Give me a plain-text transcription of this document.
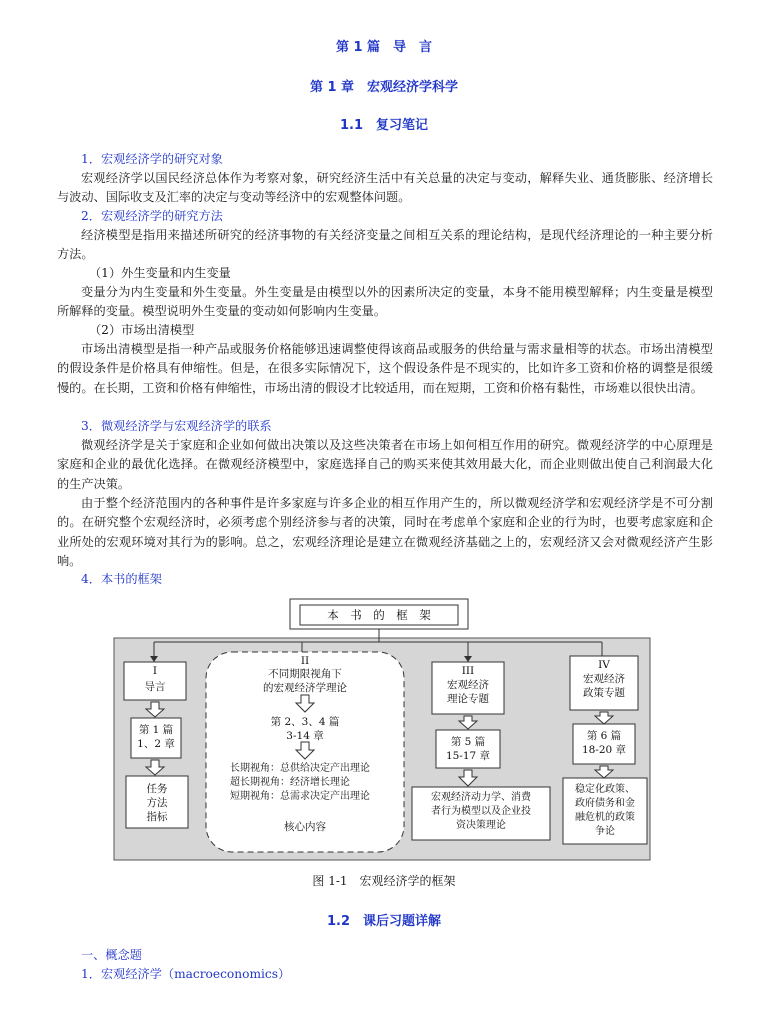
第 1 篇　导　言
第 1 章　宏观经济学科学
1.1　复习笔记

1．宏观经济学的研究对象

宏观经济学以国民经济总体作为考察对象，研究经济生活中有关总量的决定与变动，解释失业、通货膨胀、经济增长与波动、国际收支及汇率的决定与变动等经济中的宏观整体问题。

2．宏观经济学的研究方法

经济模型是指用来描述所研究的经济事物的有关经济变量之间相互关系的理论结构，是现代经济理论的一种主要分析方法。

（1）外生变量和内生变量

变量分为内生变量和外生变量。外生变量是由模型以外的因素所决定的变量，本身不能用模型解释；内生变量是模型所解释的变量。模型说明外生变量的变动如何影响内生变量。

（2）市场出清模型

市场出清模型是指一种产品或服务价格能够迅速调整使得该商品或服务的供给量与需求量相等的状态。市场出清模型的假设条件是价格具有伸缩性。但是，在很多实际情况下，这个假设条件是不现实的，比如许多工资和价格的调整是很缓慢的。在长期，工资和价格有伸缩性，市场出清的假设才比较适用，而在短期，工资和价格有黏性，市场难以很快出清。

3．微观经济学与宏观经济学的联系

微观经济学是关于家庭和企业如何做出决策以及这些决策者在市场上如何相互作用的研究。微观经济学的中心原理是家庭和企业的最优化选择。在微观经济模型中，家庭选择自己的购买来使其效用最大化，而企业则做出使自己利润最大化的生产决策。

由于整个经济范围内的各种事件是许多家庭与许多企业的相互作用产生的，所以微观经济学和宏观经济学是不可分割的。在研究整个宏观经济时，必须考虑个别经济参与者的决策，同时在考虑单个家庭和企业的行为时，也要考虑家庭和企业所处的宏观环境对其行为的影响。总之，宏观经济理论是建立在微观经济基础之上的，宏观经济又会对微观经济产生影响。

4．本书的框架

本　书　的　框　架
I
导言
第 1 篇
1、2 章
任务
方法
指标
II
不同期限视角下
的宏观经济学理论
第 2、3、4 篇
3-14 章
长期视角：总供给决定产出理论
超长期视角：经济增长理论
短期视角：总需求决定产出理论
核心内容
III
宏观经济
理论专题
第 5 篇
15-17 章
宏观经济动力学、消费
者行为模型以及企业投
资决策理论
IV
宏观经济
政策专题
第 6 篇
18-20 章
稳定化政策、
政府债务和金
融危机的政策
争论
图 1-1　宏观经济学的框架
1.2　课后习题详解

一、概念题

1．宏观经济学（macroeconomics）
